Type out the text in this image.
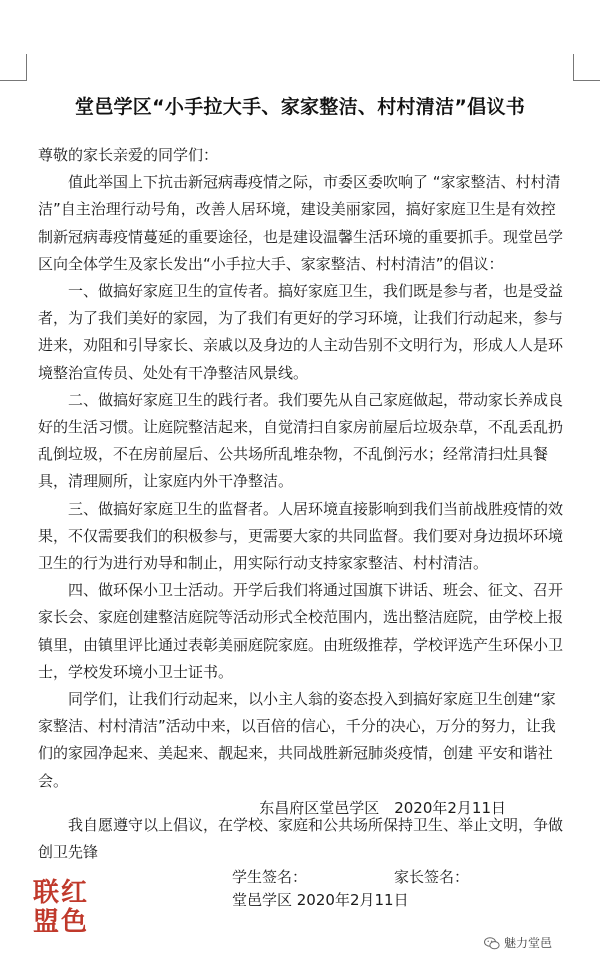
堂邑学区“小手拉大手、家家整洁、村村清洁”倡议书

尊敬的家长亲爱的同学们：

值此举国上下抗击新冠病毒疫情之际，市委区委吹响了 “家家整洁、村村清洁”自主治理行动号角，改善人居环境，建设美丽家园，搞好家庭卫生是有效控制新冠病毒疫情蔓延的重要途径，也是建设温馨生活环境的重要抓手。现堂邑学区向全体学生及家长发出“小手拉大手、家家整洁、村村清洁”的倡议：

一、做搞好家庭卫生的宣传者。搞好家庭卫生，我们既是参与者，也是受益者，为了我们美好的家园，为了我们有更好的学习环境，让我们行动起来，参与进来，劝阻和引导家长、亲戚以及身边的人主动告别不文明行为，形成人人是环境整治宣传员、处处有干净整洁风景线。

二、做搞好家庭卫生的践行者。我们要先从自己家庭做起，带动家长养成良好的生活习惯。让庭院整洁起来，自觉清扫自家房前屋后垃圾杂草，不乱丢乱扔乱倒垃圾，不在房前屋后、公共场所乱堆杂物，不乱倒污水；经常清扫灶具餐具，清理厕所，让家庭内外干净整洁。

三、做搞好家庭卫生的监督者。人居环境直接影响到我们当前战胜疫情的效果，不仅需要我们的积极参与，更需要大家的共同监督。我们要对身边损坏环境卫生的行为进行劝导和制止，用实际行动支持家家整洁、村村清洁。

四、做环保小卫士活动。开学后我们将通过国旗下讲话、班会、征文、召开家长会、家庭创建整洁庭院等活动形式全校范围内，选出整洁庭院，由学校上报镇里，由镇里评比通过表彰美丽庭院家庭。由班级推荐，学校评选产生环保小卫士，学校发环境小卫士证书。

同学们，让我们行动起来，以小主人翁的姿态投入到搞好家庭卫生创建“家家整洁、村村清洁”活动中来，以百倍的信心，千分的决心，万分的努力，让我们的家园净起来、美起来、靓起来，共同战胜新冠肺炎疫情，创建 平安和谐社会。

东昌府区堂邑学区　2020年2月11日

我自愿遵守以上倡议，在学校、家庭和公共场所保持卫生、举止文明，争做创卫先锋

学生签名：	家长签名：
堂邑学区 2020年2月11日
联 红
盟 色
魅力堂邑
